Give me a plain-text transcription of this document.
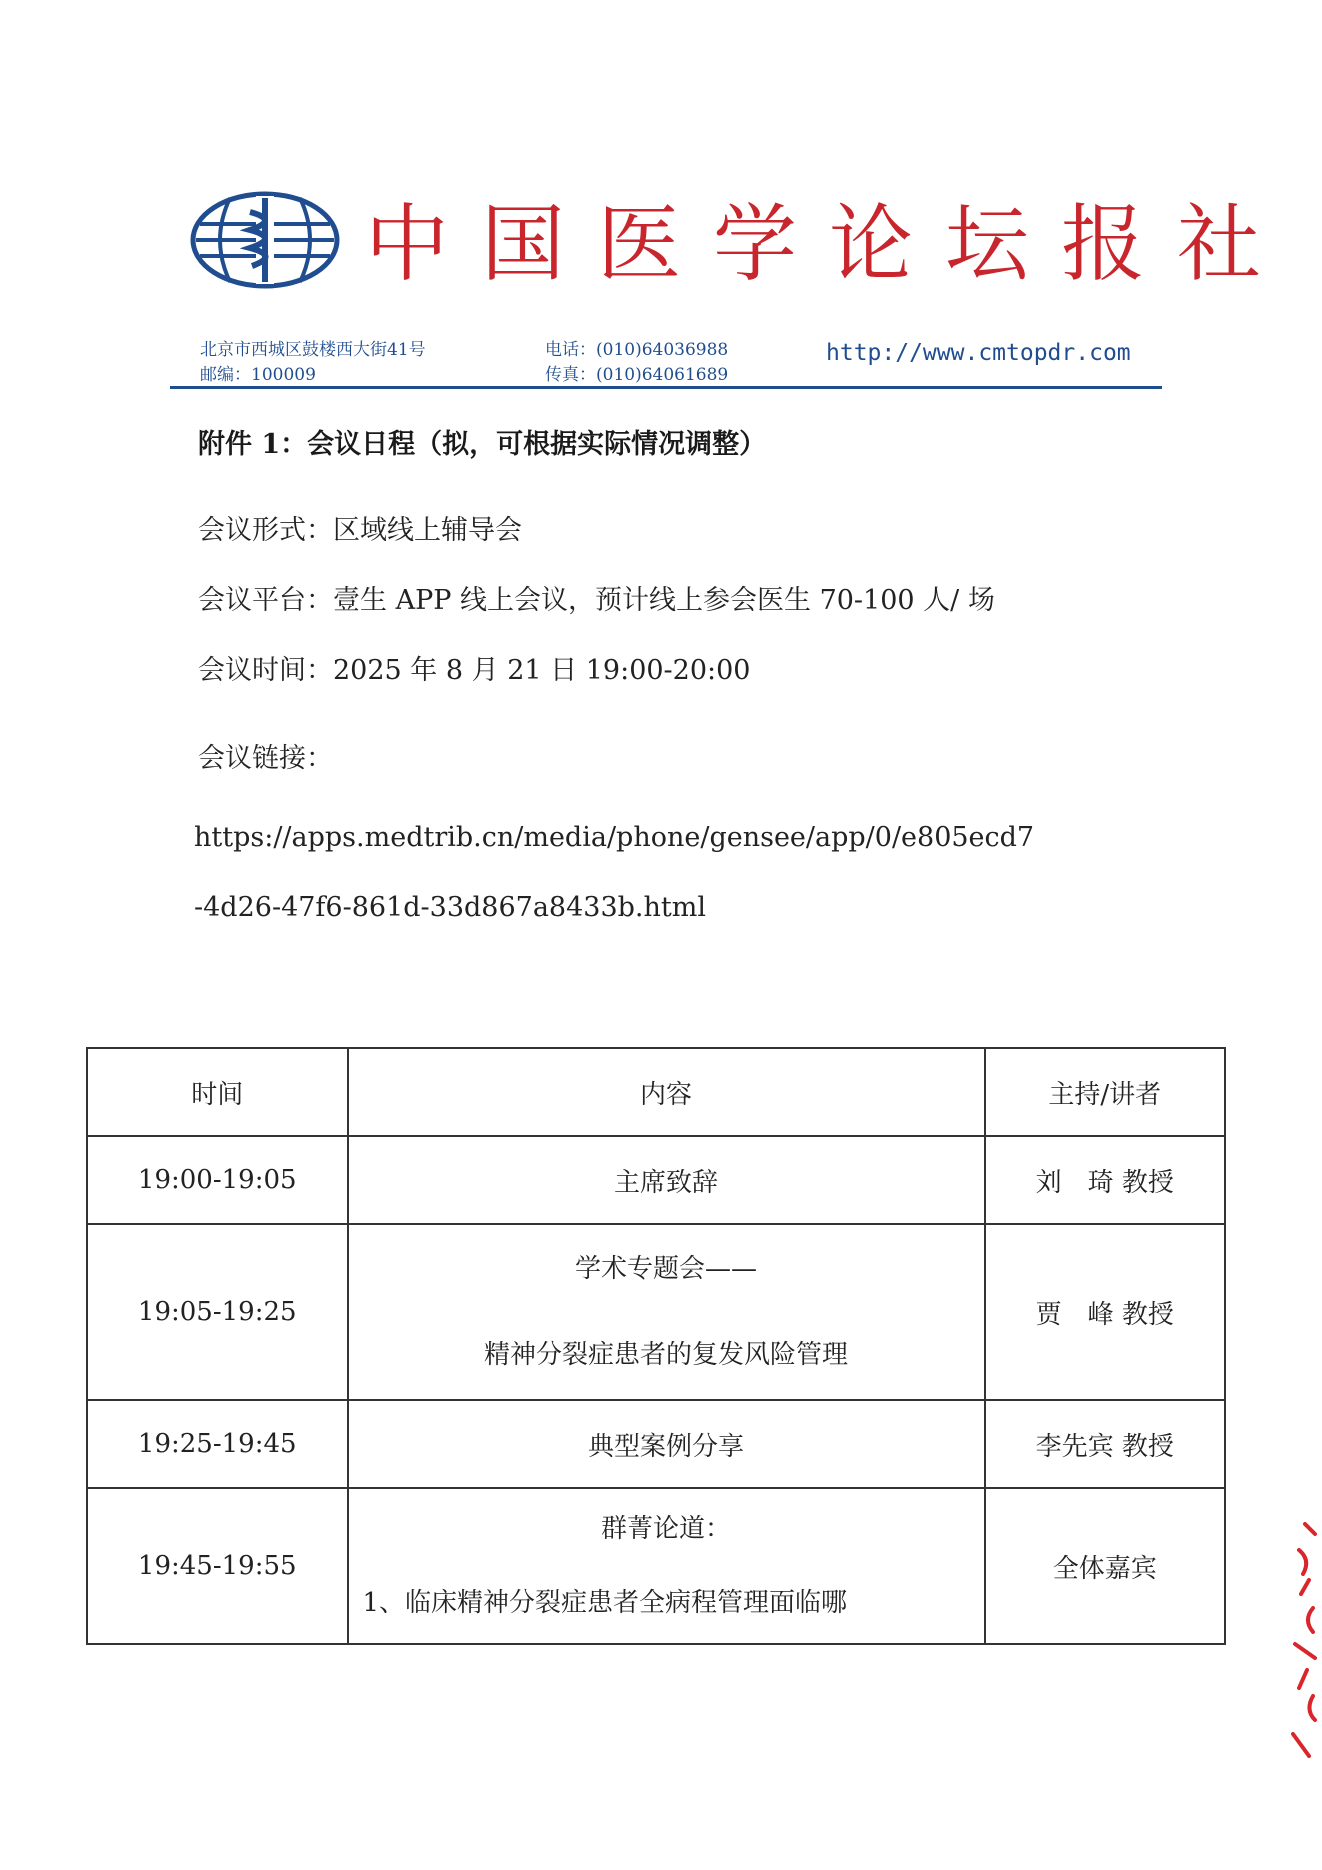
中国医学论坛报社
北京市西城区鼓楼西大街41号
邮编：100009
电话：(010)64036988
传真：(010)64061689
http://www.cmtopdr.com
附件 1：会议日程（拟，可根据实际情况调整）
会议形式：区域线上辅导会
会议平台：壹生 APP 线上会议，预计线上参会医生 70-100 人/ 场
会议时间：2025 年 8 月 21 日 19:00-20:00
会议链接：
https://apps.medtrib.cn/media/phone/gensee/app/0/e805ecd7
-4d26-47f6-861d-33d867a8433b.html
时间	内容	主持/讲者
19:00-19:05	主席致辞	刘　琦 教授
19:05-19:25	学术专题会——
精神分裂症患者的复发风险管理	贾　峰 教授
19:25-19:45	典型案例分享	李先宾 教授
19:45-19:55	群菁论道：
1、临床精神分裂症患者全病程管理面临哪	全体嘉宾
